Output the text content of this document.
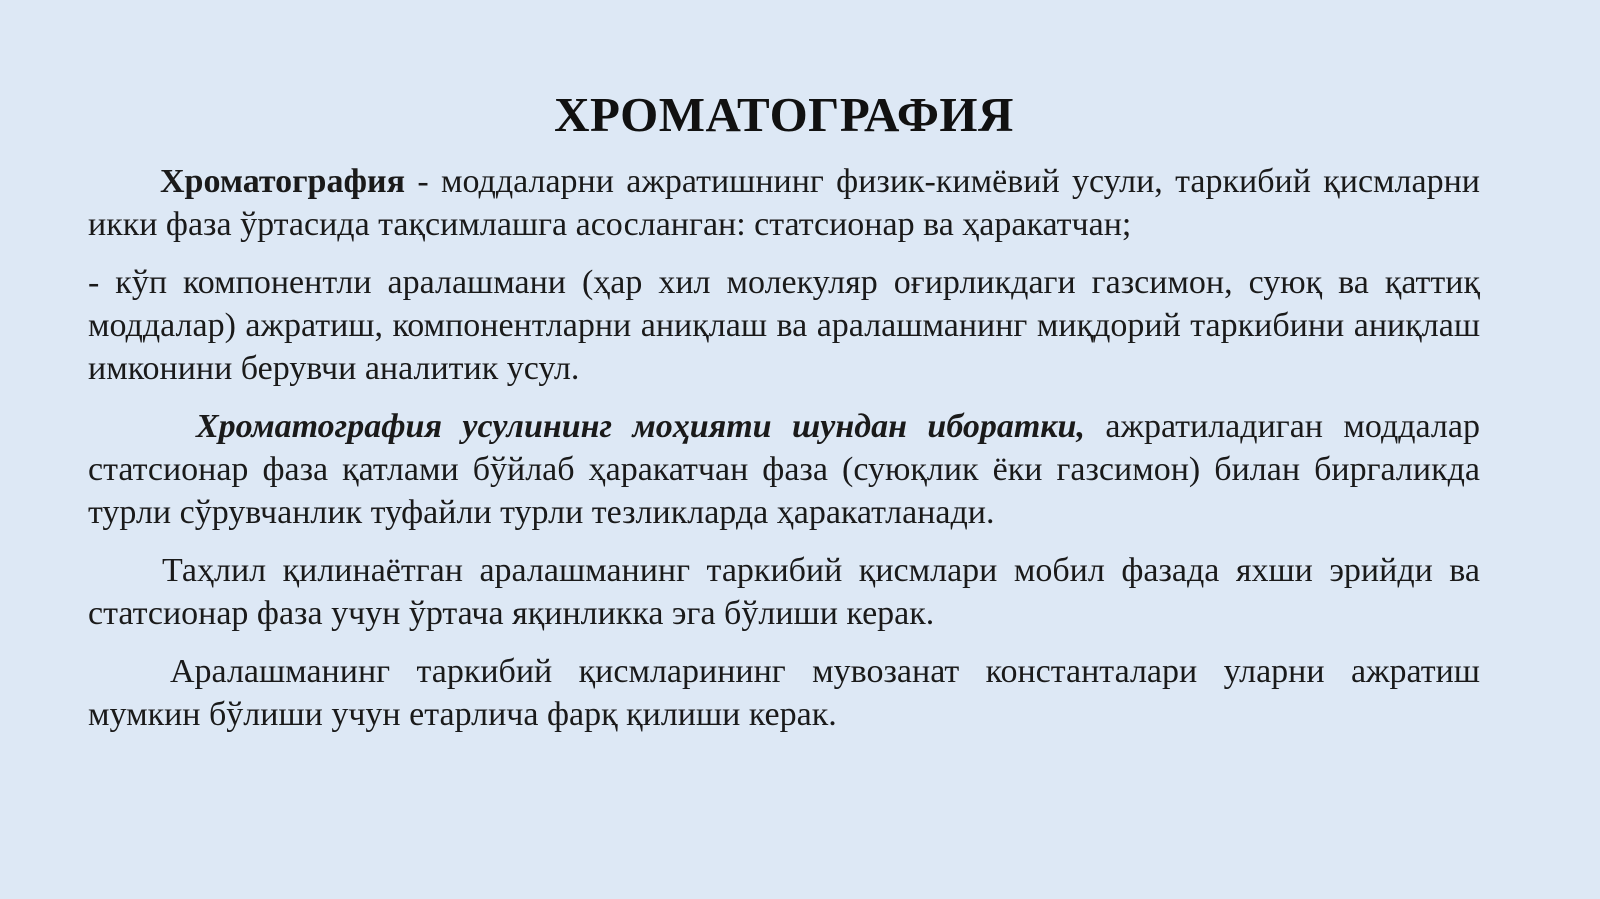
ХРОМАТОГРАФИЯ

Хроматография - моддаларни ажратишнинг физик-кимёвий усули, таркибий қисмларни икки фаза ўртасида тақсимлашга асосланган: статсионар ва ҳаракатчан;

- кўп компонентли аралашмани (ҳар хил молекуляр оғирликдаги газсимон, суюқ ва қаттиқ моддалар) ажратиш, компонентларни аниқлаш ва аралашманинг миқдорий таркибини аниқлаш имконини берувчи аналитик усул.

Хроматография усулининг моҳияти шундан иборатки, ажратиладиган моддалар статсионар фаза қатлами бўйлаб ҳаракатчан фаза (суюқлик ёки газсимон) билан биргаликда турли сўрувчанлик туфайли турли тезликларда ҳаракатланади.

Таҳлил қилинаётган аралашманинг таркибий қисмлари мобил фазада яхши эрийди ва статсионар фаза учун ўртача яқинликка эга бўлиши керак.

Аралашманинг таркибий қисмларининг мувозанат константалари уларни ажратиш мумкин бўлиши учун етарлича фарқ қилиши керак.
